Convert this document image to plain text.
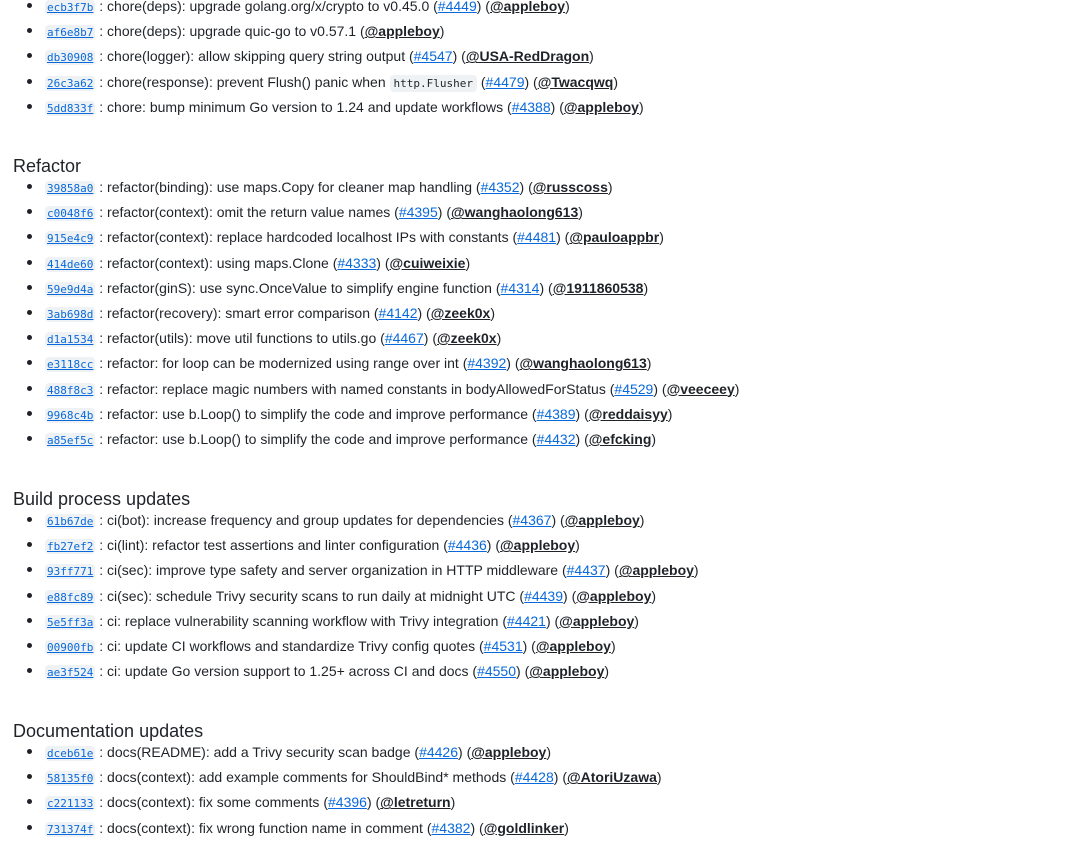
ecb3f7b : chore(deps): upgrade golang.org/x/crypto to v0.45.0 (#4449) (@appleboy)
af6e8b7 : chore(deps): upgrade quic-go to v0.57.1 (@appleboy)
db30908 : chore(logger): allow skipping query string output (#4547) (@USA-RedDragon)
26c3a62 : chore(response): prevent Flush() panic when http.Flusher (#4479) (@Twacqwq)
5dd833f : chore: bump minimum Go version to 1.24 and update workflows (#4388) (@appleboy)
Refactor
39858a0 : refactor(binding): use maps.Copy for cleaner map handling (#4352) (@russcoss)
c0048f6 : refactor(context): omit the return value names (#4395) (@wanghaolong613)
915e4c9 : refactor(context): replace hardcoded localhost IPs with constants (#4481) (@pauloappbr)
414de60 : refactor(context): using maps.Clone (#4333) (@cuiweixie)
59e9d4a : refactor(ginS): use sync.OnceValue to simplify engine function (#4314) (@1911860538)
3ab698d : refactor(recovery): smart error comparison (#4142) (@zeek0x)
d1a1534 : refactor(utils): move util functions to utils.go (#4467) (@zeek0x)
e3118cc : refactor: for loop can be modernized using range over int (#4392) (@wanghaolong613)
488f8c3 : refactor: replace magic numbers with named constants in bodyAllowedForStatus (#4529) (@veeceey)
9968c4b : refactor: use b.Loop() to simplify the code and improve performance (#4389) (@reddaisyy)
a85ef5c : refactor: use b.Loop() to simplify the code and improve performance (#4432) (@efcking)
Build process updates
61b67de : ci(bot): increase frequency and group updates for dependencies (#4367) (@appleboy)
fb27ef2 : ci(lint): refactor test assertions and linter configuration (#4436) (@appleboy)
93ff771 : ci(sec): improve type safety and server organization in HTTP middleware (#4437) (@appleboy)
e88fc89 : ci(sec): schedule Trivy security scans to run daily at midnight UTC (#4439) (@appleboy)
5e5ff3a : ci: replace vulnerability scanning workflow with Trivy integration (#4421) (@appleboy)
00900fb : ci: update CI workflows and standardize Trivy config quotes (#4531) (@appleboy)
ae3f524 : ci: update Go version support to 1.25+ across CI and docs (#4550) (@appleboy)
Documentation updates
dceb61e : docs(README): add a Trivy security scan badge (#4426) (@appleboy)
58135f0 : docs(context): add example comments for ShouldBind* methods (#4428) (@AtoriUzawa)
c221133 : docs(context): fix some comments (#4396) (@letreturn)
731374f : docs(context): fix wrong function name in comment (#4382) (@goldlinker)
